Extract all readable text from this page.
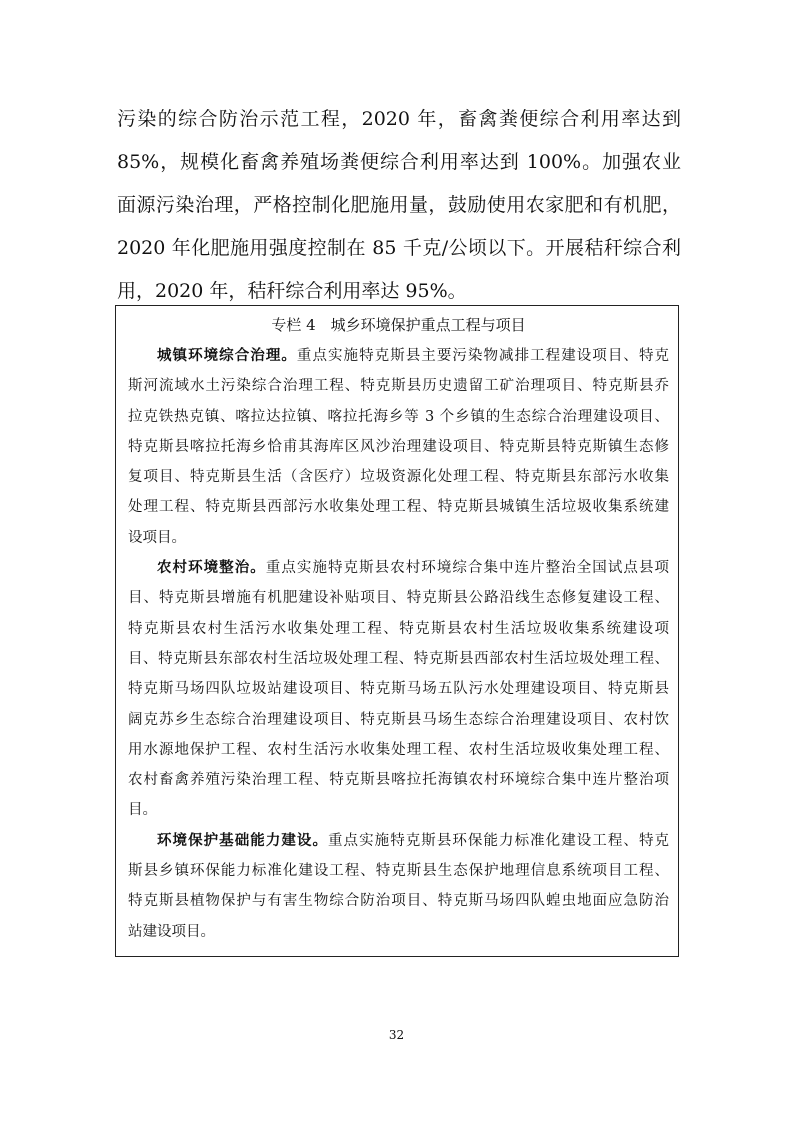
污染的综合防治示范工程，2020 年，畜禽粪便综合利用率达到
85%，规模化畜禽养殖场粪便综合利用率达到 100%。加强农业
面源污染治理，严格控制化肥施用量，鼓励使用农家肥和有机肥，
2020 年化肥施用强度控制在 85 千克/公顷以下。开展秸秆综合利
用，2020 年，秸秆综合利用率达 95%。
专栏 4　城乡环境保护重点工程与项目
城镇环境综合治理。重点实施特克斯县主要污染物减排工程建设项目、特克
斯河流域水土污染综合治理工程、特克斯县历史遗留工矿治理项目、特克斯县乔
拉克铁热克镇、喀拉达拉镇、喀拉托海乡等 3 个乡镇的生态综合治理建设项目、
特克斯县喀拉托海乡恰甫其海库区风沙治理建设项目、特克斯县特克斯镇生态修
复项目、特克斯县生活（含医疗）垃圾资源化处理工程、特克斯县东部污水收集
处理工程、特克斯县西部污水收集处理工程、特克斯县城镇生活垃圾收集系统建
设项目。
农村环境整治。重点实施特克斯县农村环境综合集中连片整治全国试点县项
目、特克斯县增施有机肥建设补贴项目、特克斯县公路沿线生态修复建设工程、
特克斯县农村生活污水收集处理工程、特克斯县农村生活垃圾收集系统建设项
目、特克斯县东部农村生活垃圾处理工程、特克斯县西部农村生活垃圾处理工程、
特克斯马场四队垃圾站建设项目、特克斯马场五队污水处理建设项目、特克斯县
阔克苏乡生态综合治理建设项目、特克斯县马场生态综合治理建设项目、农村饮
用水源地保护工程、农村生活污水收集处理工程、农村生活垃圾收集处理工程、
农村畜禽养殖污染治理工程、特克斯县喀拉托海镇农村环境综合集中连片整治项
目。
环境保护基础能力建设。重点实施特克斯县环保能力标准化建设工程、特克
斯县乡镇环保能力标准化建设工程、特克斯县生态保护地理信息系统项目工程、
特克斯县植物保护与有害生物综合防治项目、特克斯马场四队蝗虫地面应急防治
站建设项目。
32
